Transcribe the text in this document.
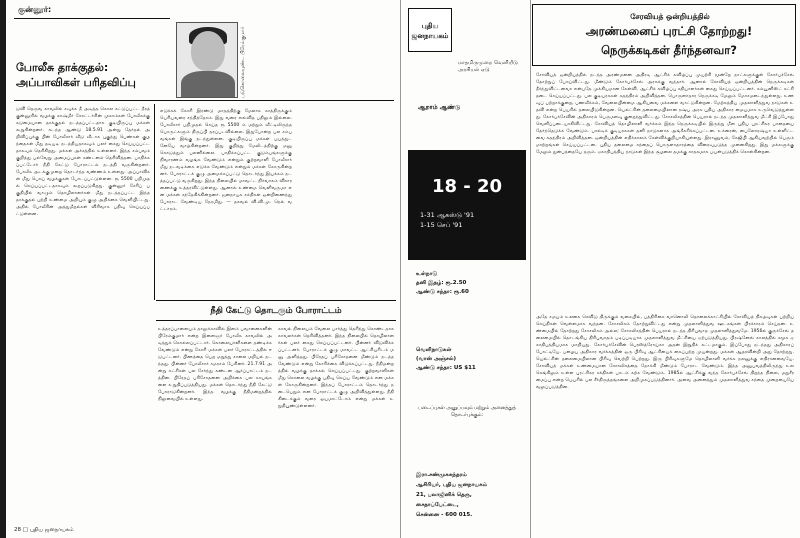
குன்னூர்:
போலீசு தாக்குதல்: அப்பாவிகள் பரிதவிப்பு	படுகொலையுண்ட பிரேம்குமார்
டுவி தெருவ காவலில் சவுக்க தீ அடித்த கொல கட்டுப்பட்ட தீரத் குன்னூரில் வழக்கு காஷ்மீர் கோட்டர்சின் முகாம்கள் போலீசுக்கு கடுமையான தாக்குதல் நடத்தப்பட்டதாக குடியிருப்பு மக்கள் கூறுகின்றனர். கடந்த ஆண்டு 18.5.91 அன்று தேர்தல் அறிவிப்புக்கு பின் போலீசார் வீடு வீடாக புகுந்து பெண்கள் குழந்தைகள் மீது தடியடி நடத்தியதாகவும் பலர் கைது செய்யப்பட்டதாகவும் தெரிகிறது. மக்கள் அச்சத்தில் உள்ளனர். இந்த சம்பவம் குறித்து பல்வேறு அமைப்புகள் கண்டனம் தெரிவித்தன. பாதிக்கப்பட்டோர் நீதி கேட்டு போராட்டம் நடத்தி வருகின்றனர். போலீசு அடக்குமுறை தொடர்ந்த வண்ணம் உள்ளது. அப்பாவிகள் மீது பொய் வழக்குகள் போடப்பட்டுள்ளன. ரூ 5500 பறிமுதல் செய்யப்பட்டதாகவும் கூறப்படுகிறது. குன்னூர் சேரிப் பகுதியில் வாழும் தொழிலாளர்கள் மீது நடத்தப்பட்ட இந்த தாக்குதல் பற்றி உண்மை அறியும் குழு அறிக்கை வெளியிட்டது. அதில் போலீசின் அத்துமீறல்கள் விரிவாக பதிவு செய்யப்பட்டுள்ளன.
எடுக்கக் கோரி இரண்டு மாதத்திற்கு மேலாக காத்திருக்கும் பெரியவரை சந்தித்தோம். இது வரை எவ்வித பதிலும் இல்லை. போலீசார் பறிமுதல் செய்த ரூ 5500 ம் மற்றும் வீட்டிலிருந்த பொருட்களும் திருப்பி தரப்படவில்லை. இதுபோன்ற பல சம்பவங்கள் இங்கு நடந்துள்ளன. குடியிருப்பு மக்கள் பயத்துடனேயே வாழ்கின்றனர். இது குறித்து மேலிடத்திற்கு மனு கொடுத்தும் பலனில்லை. பாதிக்கப்பட்ட குடும்பங்களுக்கு நிவாரணம் வழங்க வேண்டும் என்றும் குற்றவாளி போலீசார் மீது நடவடிக்கை எடுக்க வேண்டும் என்றும் மக்கள் கோருகின்றனர். போராட்டக் குழு அமைக்கப்பட்டு தொடர்ந்து இயக்கம் நடத்தப்பட்டு வருகிறது. இந்த நிலையில் மாவட்ட நிர்வாகம் விசாரணைக்கு உத்தரவிட்டுள்ளது. ஆனால் உண்மை வெளிவருமா என மக்கள் சந்தேகிக்கின்றனர். ஜனநாயக சக்திகள் ஒன்றிணைந்து போராட வேண்டிய நேரமிது. — தகவல் வி.வி.மு. நெல் வட்டாரம்.
நீதி கேட்டு தொடரும் போராட்டம்
உத்தரப்பாளையம் தாலுக்காவில் இளம் பவானைகளின் பிரேம்குமார் என்ற இளைஞர் போலீசு காவலில் அடித்துக் கொல்லப்பட்டார். கொலையாளிகளை தண்டிக்க வேண்டும் என்று கோரி மக்கள் பலர் போராட்டத்தில் ஈடுபட்டனர். பிணத்தை பெற மறுத்து சாலை மறியல் நடந்தது. பின்னர் போலீசார் சமரசம் பேசினர். 21.7.91 அன்று கட்சிகள் பல சேர்ந்து கண்டன ஆர்ப்பாட்டம் நடத்தின. பிரேதப் பரிசோதனை அறிக்கை பல காயங்களை உறுதிப்படுத்தியது. மக்கள் தொடர்ந்து நீதி கேட்டு போராடுகின்றனர். இந்த வழக்கு நீதிமன்றத்தில் நிலுவையில் உள்ளது.
காவல் நிலையம் வேலை பார்த்து தெரிந்து கொண்டதாக காவலர்கள் தெரிவித்தனர். இந்த நிலையில் தொழிலாளர்கள் பலர் கைது செய்யப்பட்டனர். பின்னர் விடுவிக்கப்பட்டனர். போராட்டக் குழு மாவட்ட ஆட்சியரிடம் மனு அளித்தது. பிரேதப் பரிசோதனை மீண்டும் நடத்த வேண்டும் என்று கோரிக்கை விடுக்கப்பட்டது. நீதிமன்றத்தில் வழக்கு தாக்கல் செய்யப்பட்டது. குற்றவாளிகள் மீது கொலை வழக்கு பதிவு செய்ய வேண்டும் என மக்கள் கோருகின்றனர். இந்தப் போராட்டம் தொடர்ந்து நடைபெறும் என போராட்டக் குழு அறிவித்துள்ளது. நீதி கிடைக்கும் வரை ஓயமாட்டோம் என்று மக்கள் உறுதிபூண்டுள்ளனர்.
28 □ புதிய ஜனநாயகம்
புதிய ஜனநாயகம்
மாதமிருமுறை வெளியீடு
அரசியல் ஏடு
ஆறாம் ஆண்டு
18 - 20
1-31 ஆகஸ்டு '91
1-15 செப் '91
உள்நாடு
தனி இதழ்: ரூ.2.50
ஆண்டு சந்தா: ரூ.60
வெளிநாடுகள்
(வான் அஞ்சல்)
ஆண்டு சந்தா: US $11
படைப்புகள் அனுப்பவும் மற்றும் அனைத்துத் தொடர்புக்கும்:
இரா.சண்முகசுந்தரம்
ஆசிரியர், புதிய ஜனநாயகம்
21, பலாஜினிக் தெரு,
சைதாப்பேட்டை,
சென்னை - 600 015.
சேரவியத் ஒன்றியத்தில்
அரண்மனைப் புரட்சி தோற்றது!
நெருக்கடிகள் தீர்ந்தனவா?
சோவியத் ஒன்றியத்தில் நடந்த அரண்மனை அதிரடி ஆட்சிக் கவிழ்ப்பு முயற்சி மூன்றே நாட்களுக்குள் கோர்பச்சேவ் தோற்றுப் போய்விட்டது. மீண்டும் கோர்பச்சேவ் அரசுக்கு வந்தார். ஆனால் சோவியத் ஒன்றியத்தின் நெருக்கடிகள் தீர்ந்துவிட்டனவா என்பதே முக்கியமான கேள்வி. ஆட்சிக் கவிழ்ப்பு சதியாளர்கள் கைது செய்யப்பட்டனர். கம்யூனிஸ்ட் கட்சி தடை செய்யப்பட்டது. பல குடியரசுகள் சுதந்திரம் அறிவித்தன. பொருளாதார நெருக்கடி மேலும் மோசமடைந்துள்ளது. உணவுப் பற்றாக்குறை, பணவீக்கம், வேலையின்மை ஆகியவை மக்களை வாட்டுகின்றன. மேற்கத்திய முதலாளித்துவ நாடுகள் உதவி என்ற பெயரில் தலையிடுகின்றன. யெல்ட்சின் தலைமையிலான ரஷ்ய அரசு புதிய அதிகார மையமாக உருவெடுத்துள்ளது. கோர்பச்சேவின் அதிகாரம் பெருமளவு குறைந்துவிட்டது. சோசலிசத்தின் பெயரால் நடந்த முதலாளித்துவ மீட்சி இப்போது வெளிப்படையாகிவிட்டது. சோவியத் தொழிலாளி வர்க்கம் இந்த நெருக்கடியில் இருந்து மீள புதிய புரட்சிகர பாதையை தேர்ந்தெடுக்க வேண்டும். பால்டிக் குடியரசுகள் தனி நாடுகளாக அங்கீகரிக்கப்பட்டன. உக்ரைன், பைலோரஷ்யா உள்ளிட்டவை சுதந்திரம் அறிவித்தன. ஒன்றியத்தின் எதிர்காலம் கேள்விக்குறியாகியுள்ளது. இராணுவம், கேஜிபி ஆகியவற்றில் பெரும் மாற்றங்கள் செய்யப்பட்டன. புதிய தலைமை சந்தைப் பொருளாதாரத்தை விரைவுபடுத்த முனைகிறது. இது மக்களுக்கு மேலும் துன்பத்தையே தரும். ஏகாதிபத்திய நாடுகள் இந்த சூழலை தமக்கு சாதகமாக பயன்படுத்திக் கொள்கின்றன.
அதே சமயம் உலகை செவிடு திருக்கும் வகையில், பத்திரிகை வானொலி தொலைக்காட்சியில் சோவியத் நிகழ்வுகள் பற்றிய செய்திகள் வெள்ளமாக வந்தன. சோசலிசம் தோற்றுவிட்டது என்று முதலாளித்துவ ஊடகங்கள் பிரச்சாரம் செய்தன. உண்மையில் தோற்றது சோசலிசம் அல்ல; சோசலிசத்தின் பெயரால் நடந்த திரிபுவாத முதலாளித்துவமே. 1956ல் குருச்சேவ் தலைமையில் தொடங்கிய திரிபுவாதம் படிப்படியாக முதலாளித்துவ மீட்சியை ஏற்படுத்தியது. பிரஷ்னேவ் காலத்தில் சமூக ஏகாதிபத்தியமாக மாறியது. கோர்பச்சேவின் பெரஸ்த்ரோய்கா அதன் இறுதிக் கட்டமாகும். இப்போது நடந்தது அதிகாரப் போட்டியே. பழைய அதிகார வர்க்கத்தின் ஒரு பிரிவு ஆட்சியைக் கைப்பற்ற முயன்றது. மக்கள் ஆதரவின்றி அது தோற்றது. யெல்ட்சின் தலைமையிலான பிரிவு வெற்றி பெற்றது. இரு பிரிவுகளுமே தொழிலாளி வர்க்க நலனுக்கு எதிரானவையே. சோவியத் மக்கள் உண்மையான சோசலிசத்தை நோக்கி மீண்டும் போராட வேண்டும். இந்த அனுபவத்திலிருந்து உலகெங்கிலும் உள்ள புரட்சிகர சக்திகள் பாடம் கற்க வேண்டும். 1985ல் ஆட்சிக்கு வந்த கோர்பச்சேவ் திறந்த நிலை, மறுசீரமைப்பு என்ற பெயரில் பல சீர்திருத்தங்களை அறிமுகப்படுத்தினார். அவை அனைத்தும் முதலாளித்துவ சந்தை முறையையே வலுப்படுத்தின.
